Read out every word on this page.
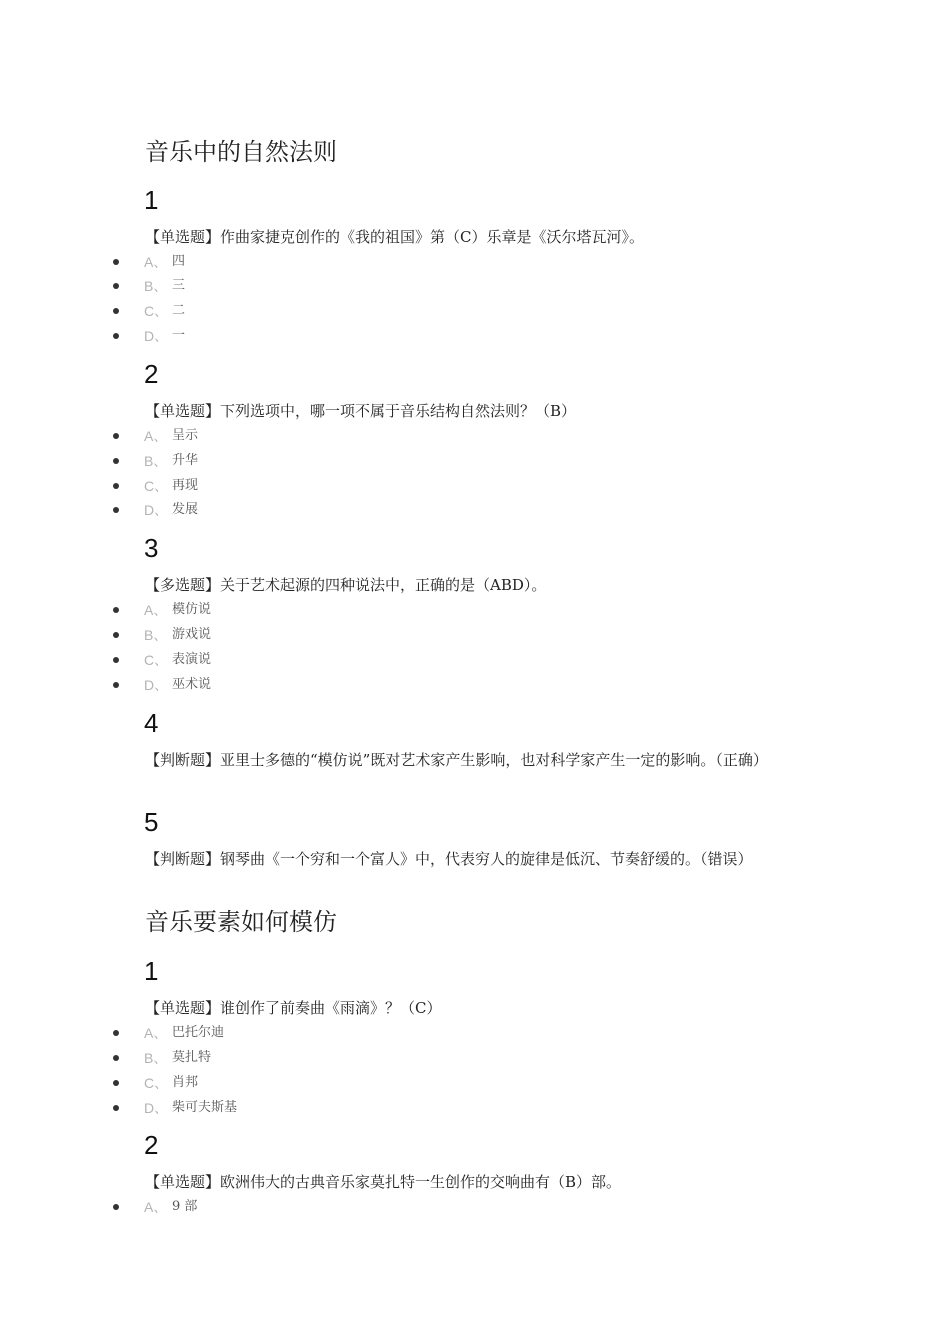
音乐中的自然法则
1
【单选题】作曲家捷克创作的《我的祖国》第（C）乐章是《沃尔塔瓦河》。
A、 四
B、 三
C、 二
D、 一
2
【单选题】下列选项中，哪一项不属于音乐结构自然法则？（B）
A、 呈示
B、 升华
C、 再现
D、 发展
3
【多选题】关于艺术起源的四种说法中，正确的是（ABD）。
A、 模仿说
B、 游戏说
C、 表演说
D、 巫术说
4
【判断题】亚里士多德的“模仿说”既对艺术家产生影响，也对科学家产生一定的影响。（正确）
5
【判断题】钢琴曲《一个穷和一个富人》中，代表穷人的旋律是低沉、节奏舒缓的。（错误）
音乐要素如何模仿
1
【单选题】谁创作了前奏曲《雨滴》？（C）
A、 巴托尔迪
B、 莫扎特
C、 肖邦
D、 柴可夫斯基
2
【单选题】欧洲伟大的古典音乐家莫扎特一生创作的交响曲有（B）部。
A、 9 部
